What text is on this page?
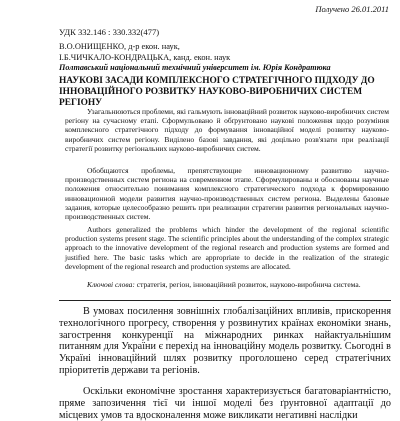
Получено 26.01.2011
УДК 332.146 : 330.332(477)
В.О.ОНИЩЕНКО, д-р екон. наук,
І.Б.ЧИЧКАЛО-КОНДРАЦЬКА, канд. екон. наук
Полтавський національний технічний університет ім. Юрія Кондратюка
НАУКОВІ ЗАСАДИ КОМПЛЕКСНОГО СТРАТЕГІЧНОГО ПІДХОДУ ДО ІННОВАЦІЙНОГО РОЗВИТКУ НАУКОВО-ВИРОБНИЧИХ СИСТЕМ РЕГІОНУ

Узагальнюються проблеми, які гальмують інноваційний розвиток науково-виробничих систем регіону на сучасному етапі. Сформульовано й обґрунтовано наукові положення щодо розуміння комплексного стратегічного підходу до формування інноваційної моделі розвитку науково-виробничих систем регіону. Виділено базові завдання, які доцільно розв'язати при реалізації стратегії розвитку регіональних науково-виробничих систем.

Обобщаются проблемы, препятствующие инновационному развитию научно-производственных систем региона на современном этапе. Сформулированы и обоснованы научные положения относительно понимания комплексного стратегического подхода к формированию инновационной модели развития научно-производственных систем региона. Выделены базовые задания, которые целесообразно решить при реализации стратегии развития региональных научно-производственных систем.

Authors generalized the problems which hinder the development of the regional scientific production systems present stage. The scientific principles about the understanding of the complex strategic approach to the innovative development of the regional research and production systems are formed and justified here. The basic tasks which are appropriate to decide in the realization of the strategic development of the regional research and production systems are allocated.

Ключові слова: стратегія, регіон, інноваційний розвиток, науково-виробнича система.

В умовах посилення зовнішніх глобалізаційних впливів, прискорення технологічного прогресу, створення у розвинутих країнах економіки знань, загострення конкуренції на міжнародних ринках найактуальнішим питанням для України є перехід на інноваційну модель розвитку. Сьогодні в Україні інноваційний шлях розвитку проголошено серед стратегічних пріоритетів держави та регіонів.

Оскільки економічне зростання характеризується багатоваріантністю, пряме запозичення тієї чи іншої моделі без ґрунтовної адаптації до місцевих умов та вдосконалення може викликати негативні наслідки
